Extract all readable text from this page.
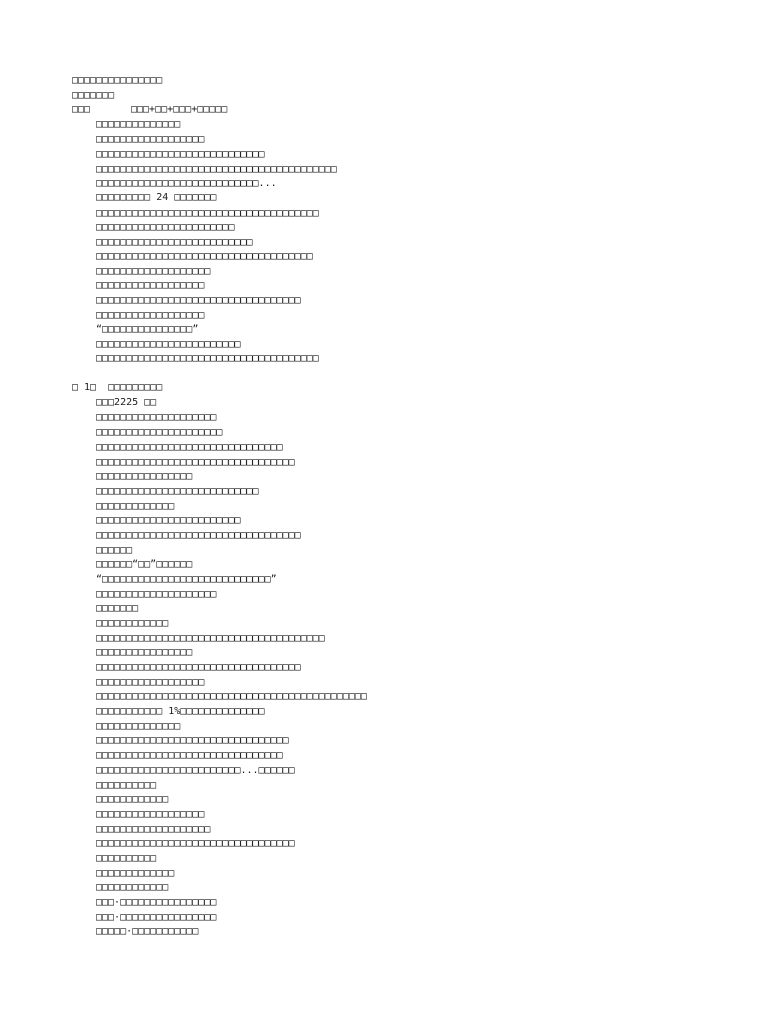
□□□□□□□□□□□□□□□
□□□□□□□
□□□	□□□+□□+□□□+□□□□□
□□□□□□□□□□□□□□
□□□□□□□□□□□□□□□□□□
□□□□□□□□□□□□□□□□□□□□□□□□□□□□
□□□□□□□□□□□□□□□□□□□□□□□□□□□□□□□□□□□□□□□□
□□□□□□□□□□□□□□□□□□□□□□□□□□□...
□□□□□□□□□ 24 □□□□□□□
□□□□□□□□□□□□□□□□□□□□□□□□□□□□□□□□□□□□□
□□□□□□□□□□□□□□□□□□□□□□□
□□□□□□□□□□□□□□□□□□□□□□□□□□
□□□□□□□□□□□□□□□□□□□□□□□□□□□□□□□□□□□□
□□□□□□□□□□□□□□□□□□□
□□□□□□□□□□□□□□□□□□
□□□□□□□□□□□□□□□□□□□□□□□□□□□□□□□□□□
□□□□□□□□□□□□□□□□□□
“□□□□□□□□□□□□□□□”
□□□□□□□□□□□□□□□□□□□□□□□□
□□□□□□□□□□□□□□□□□□□□□□□□□□□□□□□□□□□□□
□ 1□  □□□□□□□□□
□□□2225 □□
□□□□□□□□□□□□□□□□□□□□
□□□□□□□□□□□□□□□□□□□□□
□□□□□□□□□□□□□□□□□□□□□□□□□□□□□□□
□□□□□□□□□□□□□□□□□□□□□□□□□□□□□□□□□
□□□□□□□□□□□□□□□□
□□□□□□□□□□□□□□□□□□□□□□□□□□□
□□□□□□□□□□□□□
□□□□□□□□□□□□□□□□□□□□□□□□
□□□□□□□□□□□□□□□□□□□□□□□□□□□□□□□□□□
□□□□□□
□□□□□□“□□”□□□□□□
“□□□□□□□□□□□□□□□□□□□□□□□□□□□□”
□□□□□□□□□□□□□□□□□□□□
□□□□□□□
□□□□□□□□□□□□
□□□□□□□□□□□□□□□□□□□□□□□□□□□□□□□□□□□□□□
□□□□□□□□□□□□□□□□
□□□□□□□□□□□□□□□□□□□□□□□□□□□□□□□□□□
□□□□□□□□□□□□□□□□□□
□□□□□□□□□□□□□□□□□□□□□□□□□□□□□□□□□□□□□□□□□□□□□
□□□□□□□□□□□ 1%□□□□□□□□□□□□□□
□□□□□□□□□□□□□□
□□□□□□□□□□□□□□□□□□□□□□□□□□□□□□□□
□□□□□□□□□□□□□□□□□□□□□□□□□□□□□□□
□□□□□□□□□□□□□□□□□□□□□□□□...□□□□□□
□□□□□□□□□□
□□□□□□□□□□□□
□□□□□□□□□□□□□□□□□□
□□□□□□□□□□□□□□□□□□□
□□□□□□□□□□□□□□□□□□□□□□□□□□□□□□□□□
□□□□□□□□□□
□□□□□□□□□□□□□
□□□□□□□□□□□□
□□□·□□□□□□□□□□□□□□□□
□□□·□□□□□□□□□□□□□□□□
□□□□□·□□□□□□□□□□□
